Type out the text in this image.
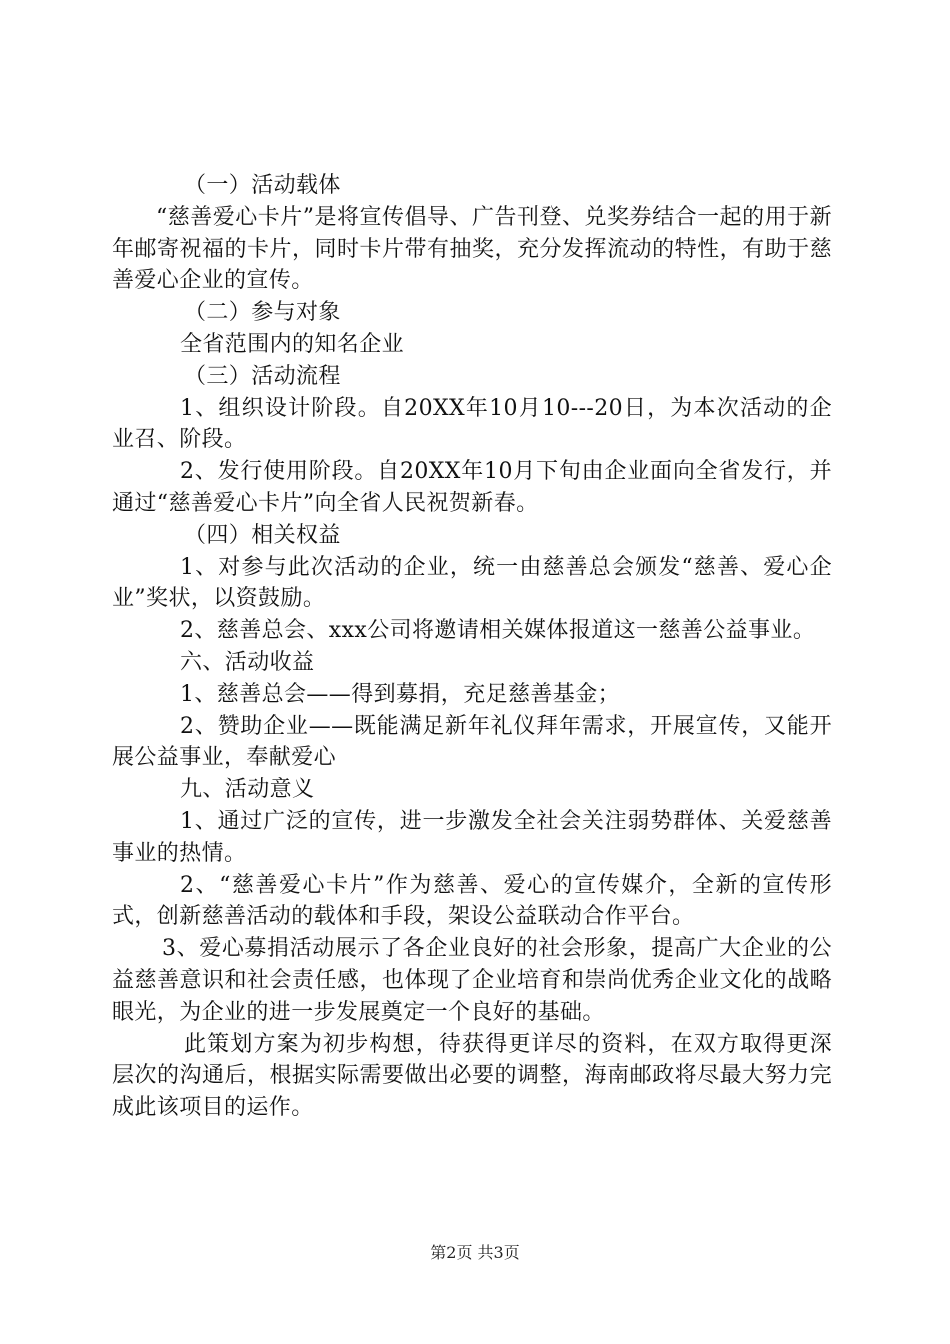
（一）活动载体

“慈善爱心卡片”是将宣传倡导、广告刊登、兑奖券结合一起的用于新年邮寄祝福的卡片，同时卡片带有抽奖，充分发挥流动的特性，有助于慈善爱心企业的宣传。

（二）参与对象

全省范围内的知名企业

（三）活动流程

1、组织设计阶段。自20XX年10月10---20日，为本次活动的企业召、阶段。

2、发行使用阶段。自20XX年10月下旬由企业面向全省发行，并通过“慈善爱心卡片”向全省人民祝贺新春。

（四）相关权益

1、对参与此次活动的企业，统一由慈善总会颁发“慈善、爱心企业”奖状，以资鼓励。

2、慈善总会、xxx公司将邀请相关媒体报道这一慈善公益事业。

六、活动收益

1、慈善总会——得到募捐，充足慈善基金；

2、赞助企业——既能满足新年礼仪拜年需求，开展宣传，又能开展公益事业，奉献爱心

九、活动意义

1、通过广泛的宣传，进一步激发全社会关注弱势群体、关爱慈善事业的热情。

2、“慈善爱心卡片”作为慈善、爱心的宣传媒介，全新的宣传形式，创新慈善活动的载体和手段，架设公益联动合作平台。

3、爱心募捐活动展示了各企业良好的社会形象，提高广大企业的公益慈善意识和社会责任感，也体现了企业培育和崇尚优秀企业文化的战略眼光，为企业的进一步发展奠定一个良好的基础。

此策划方案为初步构想，待获得更详尽的资料，在双方取得更深层次的沟通后，根据实际需要做出必要的调整，海南邮政将尽最大努力完成此该项目的运作。

第2页 共3页
